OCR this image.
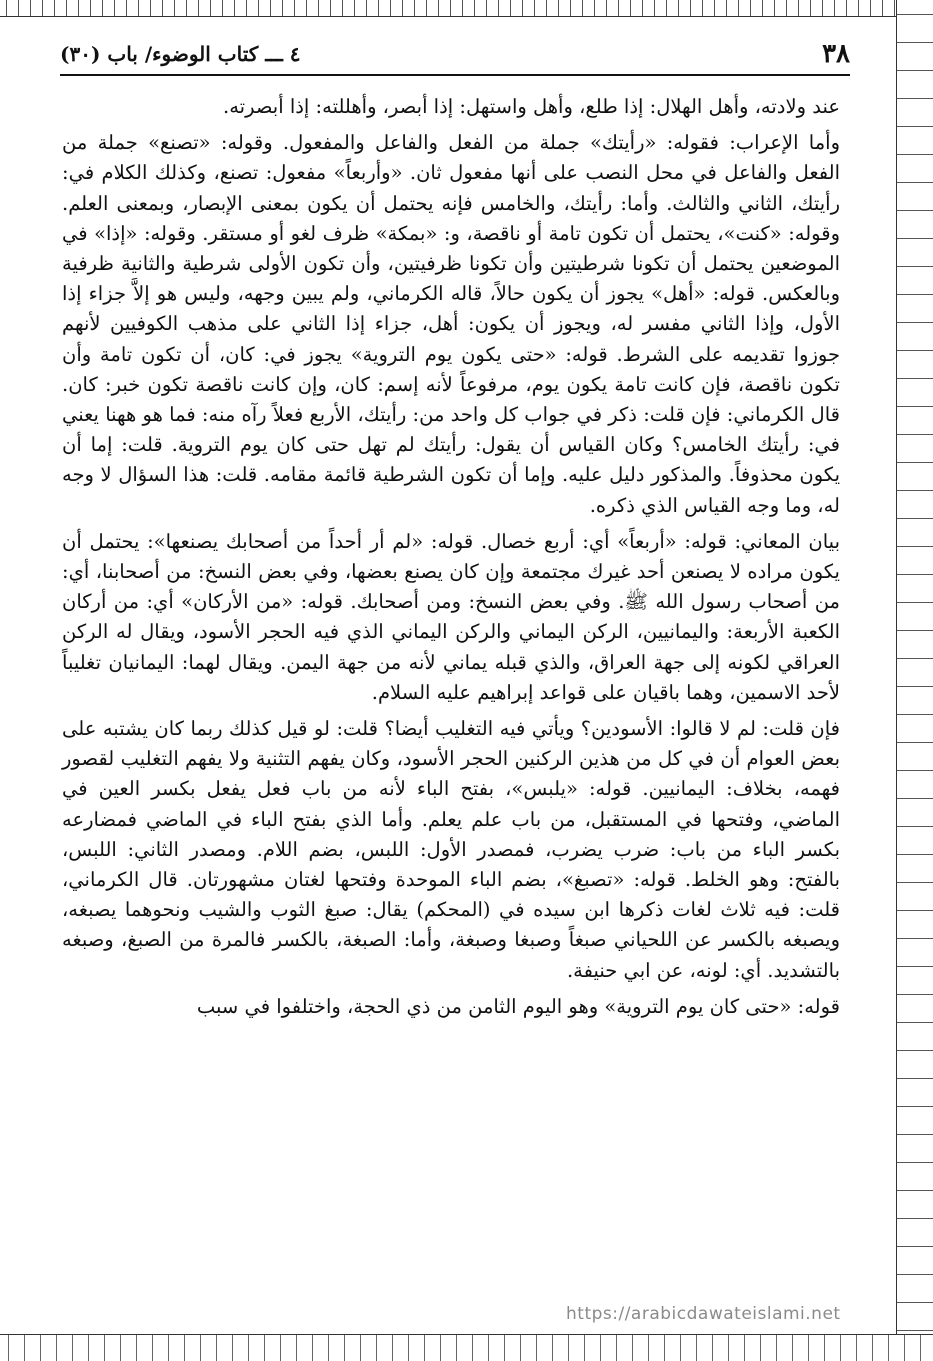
٣٨
٤ ـــ كتاب الوضوء/ باب (٣٠)

عند ولادته، وأهل الهلال: إذا طلع، وأهل واستهل: إذا أبصر، وأهللته: إذا أبصرته.

وأما الإعراب: فقوله: «رأيتك» جملة من الفعل والفاعل والمفعول. وقوله: «تصنع» جملة من الفعل والفاعل في محل النصب على أنها مفعول ثان. «وأربعاً» مفعول: تصنع، وكذلك الكلام في: رأيتك، الثاني والثالث. وأما: رأيتك، والخامس فإنه يحتمل أن يكون بمعنى الإبصار، وبمعنى العلم. وقوله: «كنت»، يحتمل أن تكون تامة أو ناقصة، و: «بمكة» ظرف لغو أو مستقر. وقوله: «إذا» في الموضعين يحتمل أن تكونا شرطيتين وأن تكونا ظرفيتين، وأن تكون الأولى شرطية والثانية ظرفية وبالعكس. قوله: «أهل» يجوز أن يكون حالاً، قاله الكرماني، ولم يبين وجهه، وليس هو إلاَّ جزاء إذا الأول، وإذا الثاني مفسر له، ويجوز أن يكون: أهل، جزاء إذا الثاني على مذهب الكوفيين لأنهم جوزوا تقديمه على الشرط. قوله: «حتى يكون يوم التروية» يجوز في: كان، أن تكون تامة وأن تكون ناقصة، فإن كانت تامة يكون يوم، مرفوعاً لأنه إسم: كان، وإن كانت ناقصة تكون خبر: كان. قال الكرماني: فإن قلت: ذكر في جواب كل واحد من: رأيتك، الأربع فعلاً رآه منه: فما هو ههنا يعني في: رأيتك الخامس؟ وكان القياس أن يقول: رأيتك لم تهل حتى كان يوم التروية. قلت: إما أن يكون محذوفاً. والمذكور دليل عليه. وإما أن تكون الشرطية قائمة مقامه. قلت: هذا السؤال لا وجه له، وما وجه القياس الذي ذكره.

بيان المعاني: قوله: «أربعاً» أي: أربع خصال. قوله: «لم أر أحداً من أصحابك يصنعها»: يحتمل أن يكون مراده لا يصنعن أحد غيرك مجتمعة وإن كان يصنع بعضها، وفي بعض النسخ: من أصحابنا، أي: من أصحاب رسول الله ﷺ. وفي بعض النسخ: ومن أصحابك. قوله: «من الأركان» أي: من أركان الكعبة الأربعة: واليمانيين، الركن اليماني والركن اليماني الذي فيه الحجر الأسود، ويقال له الركن العراقي لكونه إلى جهة العراق، والذي قبله يماني لأنه من جهة اليمن. ويقال لهما: اليمانيان تغليباً لأحد الاسمين، وهما باقيان على قواعد إبراهيم عليه السلام.

فإن قلت: لم لا قالوا: الأسودين؟ ويأتي فيه التغليب أيضا؟ قلت: لو قيل كذلك ربما كان يشتبه على بعض العوام أن في كل من هذين الركنين الحجر الأسود، وكان يفهم التثنية ولا يفهم التغليب لقصور فهمه، بخلاف: اليمانيين. قوله: «يلبس»، بفتح الباء لأنه من باب فعل يفعل بكسر العين في الماضي، وفتحها في المستقبل، من باب علم يعلم. وأما الذي بفتح الباء في الماضي فمضارعه بكسر الباء من باب: ضرب يضرب، فمصدر الأول: اللبس، بضم اللام. ومصدر الثاني: اللبس، بالفتح: وهو الخلط. قوله: «تصبغ»، بضم الباء الموحدة وفتحها لغتان مشهورتان. قال الكرماني، قلت: فيه ثلاث لغات ذكرها ابن سيده في (المحكم) يقال: صبغ الثوب والشيب ونحوهما يصبغه، ويصبغه بالكسر عن اللحياني صبغاً وصبغا وصبغة، وأما: الصبغة، بالكسر فالمرة من الصبغ، وصبغه بالتشديد. أي: لونه، عن ابي حنيفة.

قوله: «حتى كان يوم التروية» وهو اليوم الثامن من ذي الحجة، واختلفوا في سبب

https://arabicdawateislami.net
